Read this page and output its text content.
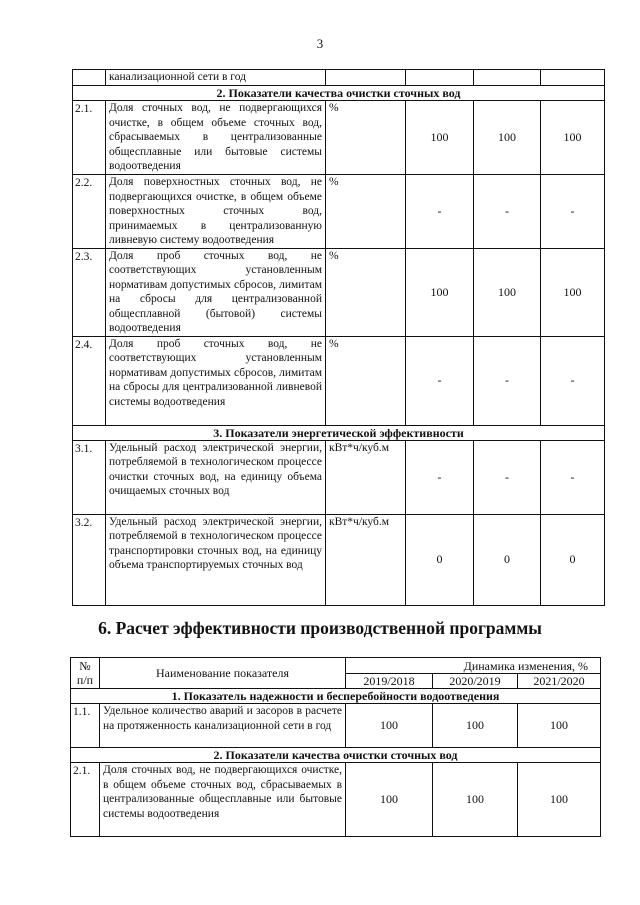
3
	канализационной сети в год				
2. Показатели качества очистки сточных вод					
2.1.	Доля сточных вод, не подвергающихся очистке, в общем объеме сточных вод, сбрасываемых в централизованные общесплавные или бытовые системы водоотведения	%	100	100	100
2.2.	Доля поверхностных сточных вод, не подвергающихся очистке, в общем объеме поверхностных сточных вод, принимаемых в централизованную ливневую систему водоотведения	%	-	-	-
2.3.	Доля проб сточных вод, не соответствующих установленным нормативам допустимых сбросов, лимитам на сбросы для централизованной общесплавной (бытовой) системы водоотведения	%	100	100	100
2.4.	Доля проб сточных вод, не соответствующих установленным нормативам допустимых сбросов, лимитам на сбросы для централизованной ливневой системы водоотведения	%	-	-	-
3. Показатели энергетической эффективности					
3.1.	Удельный расход электрической энергии, потребляемой в технологическом процессе очистки сточных вод, на единицу объема очищаемых сточных вод	кВт*ч/куб.м	-	-	-
3.2.	Удельный расход электрической энергии, потребляемой в технологическом процессе транспортировки сточных вод, на единицу объема транспортируемых сточных вод	кВт*ч/куб.м	0	0	0
6. Расчет эффективности производственной программы
№
п/п	Наименование показателя	Динамика изменения, %		
		2019/2018	2020/2019	2021/2020
1. Показатель надежности и бесперебойности водоотведения				
1.1.	Удельное количество аварий и засоров в расчете на протяженность канализационной сети в год	100	100	100
2. Показатели качества очистки сточных вод				
2.1.	Доля сточных вод, не подвергающихся очистке, в общем объеме сточных вод, сбрасываемых в централизованные общесплавные или бытовые системы водоотведения	100	100	100
